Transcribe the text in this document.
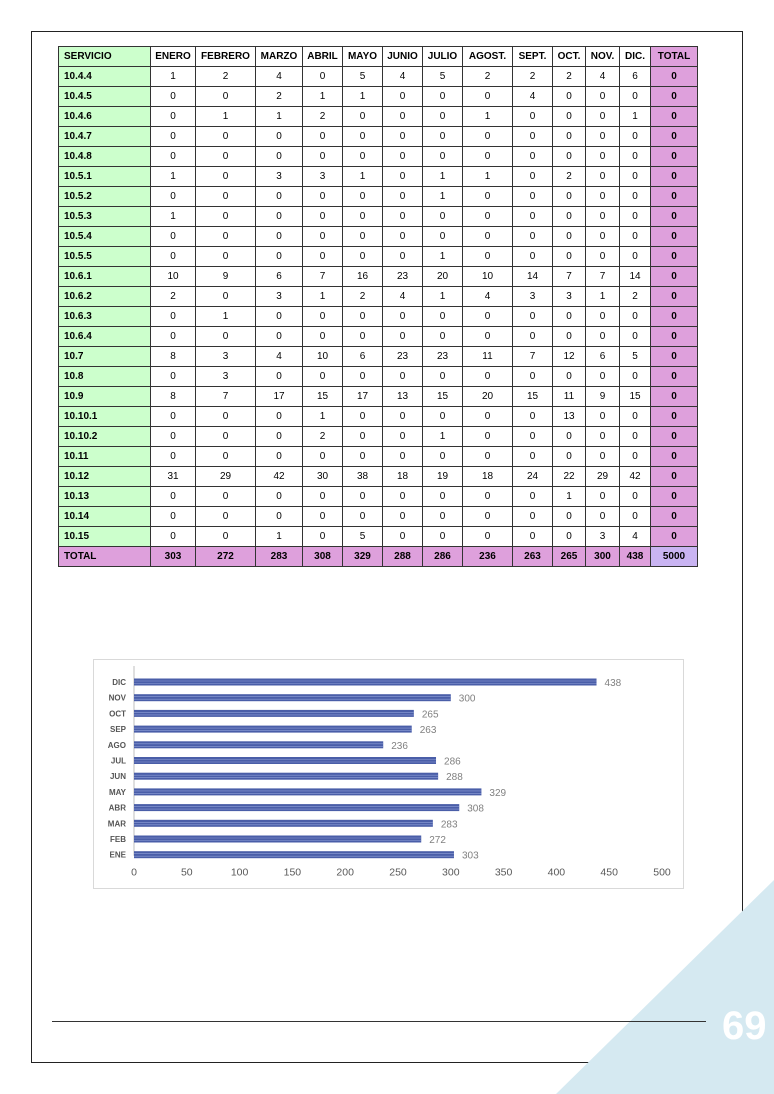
69
SERVICIO	ENERO	FEBRERO	MARZO	ABRIL	MAYO	JUNIO	JULIO	AGOST.	SEPT.	OCT.	NOV.	DIC.	TOTAL
10.4.4	1	2	4	0	5	4	5	2	2	2	4	6	0
10.4.5	0	0	2	1	1	0	0	0	4	0	0	0	0
10.4.6	0	1	1	2	0	0	0	1	0	0	0	1	0
10.4.7	0	0	0	0	0	0	0	0	0	0	0	0	0
10.4.8	0	0	0	0	0	0	0	0	0	0	0	0	0
10.5.1	1	0	3	3	1	0	1	1	0	2	0	0	0
10.5.2	0	0	0	0	0	0	1	0	0	0	0	0	0
10.5.3	1	0	0	0	0	0	0	0	0	0	0	0	0
10.5.4	0	0	0	0	0	0	0	0	0	0	0	0	0
10.5.5	0	0	0	0	0	0	1	0	0	0	0	0	0
10.6.1	10	9	6	7	16	23	20	10	14	7	7	14	0
10.6.2	2	0	3	1	2	4	1	4	3	3	1	2	0
10.6.3	0	1	0	0	0	0	0	0	0	0	0	0	0
10.6.4	0	0	0	0	0	0	0	0	0	0	0	0	0
10.7	8	3	4	10	6	23	23	11	7	12	6	5	0
10.8	0	3	0	0	0	0	0	0	0	0	0	0	0
10.9	8	7	17	15	17	13	15	20	15	11	9	15	0
10.10.1	0	0	0	1	0	0	0	0	0	13	0	0	0
10.10.2	0	0	0	2	0	0	1	0	0	0	0	0	0
10.11	0	0	0	0	0	0	0	0	0	0	0	0	0
10.12	31	29	42	30	38	18	19	18	24	22	29	42	0
10.13	0	0	0	0	0	0	0	0	0	1	0	0	0
10.14	0	0	0	0	0	0	0	0	0	0	0	0	0
10.15	0	0	1	0	5	0	0	0	0	0	3	4	0
TOTAL	303	272	283	308	329	288	286	236	263	265	300	438	5000
DIC	438
NOV	300
OCT	265
SEP	263
AGO	236
JUL	286
JUN	288
MAY	329
ABR	308
MAR	283
FEB	272
ENE	303
0	50	100	150	200	250	300	350	400	450	500
